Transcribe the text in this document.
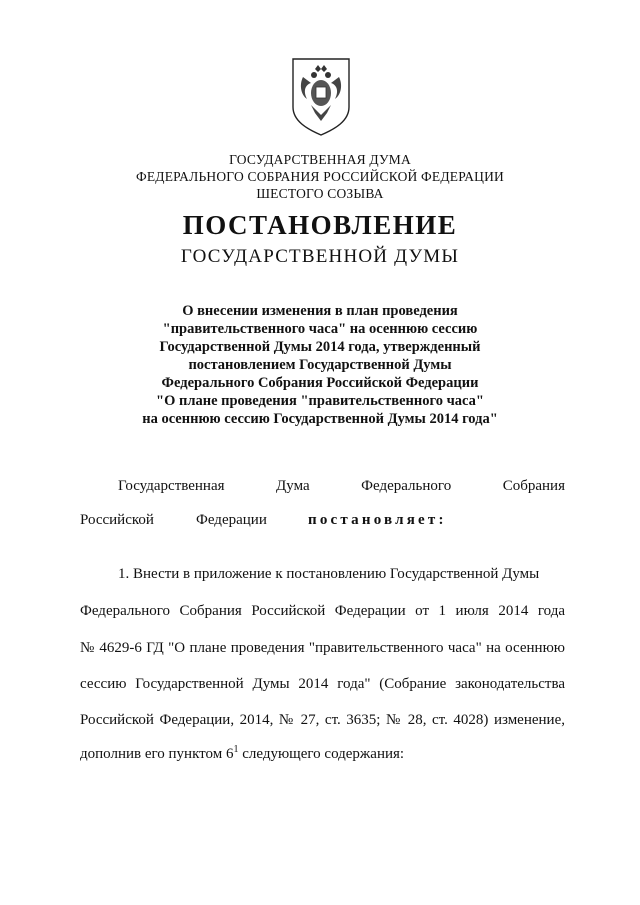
ГОСУДАРСТВЕННАЯ ДУМА
ФЕДЕРАЛЬНОГО СОБРАНИЯ РОССИЙСКОЙ ФЕДЕРАЦИИ
ШЕСТОГО СОЗЫВА
ПОСТАНОВЛЕНИЕ
ГОСУДАРСТВЕННОЙ ДУМЫ
О внесении изменения в план проведения
"правительственного часа" на осеннюю сессию
Государственной Думы 2014 года, утвержденный
постановлением Государственной Думы
Федерального Собрания Российской Федерации
"О плане проведения "правительственного часа"
на осеннюю сессию Государственной Думы 2014 года"
Государственная	Дума	Федерального	Собрания
Российской	Федерации	постановляет:
1. Внести в приложение к постановлению Государственной Думы
Федерального Собрания Российской Федерации от 1 июля 2014 года
№ 4629-6 ГД "О плане проведения "правительственного часа" на осеннюю
сессию Государственной Думы 2014 года" (Собрание законодательства
Российской Федерации, 2014, № 27, ст. 3635; № 28, ст. 4028) изменение,
дополнив его пунктом $6^1$ следующего содержания:
